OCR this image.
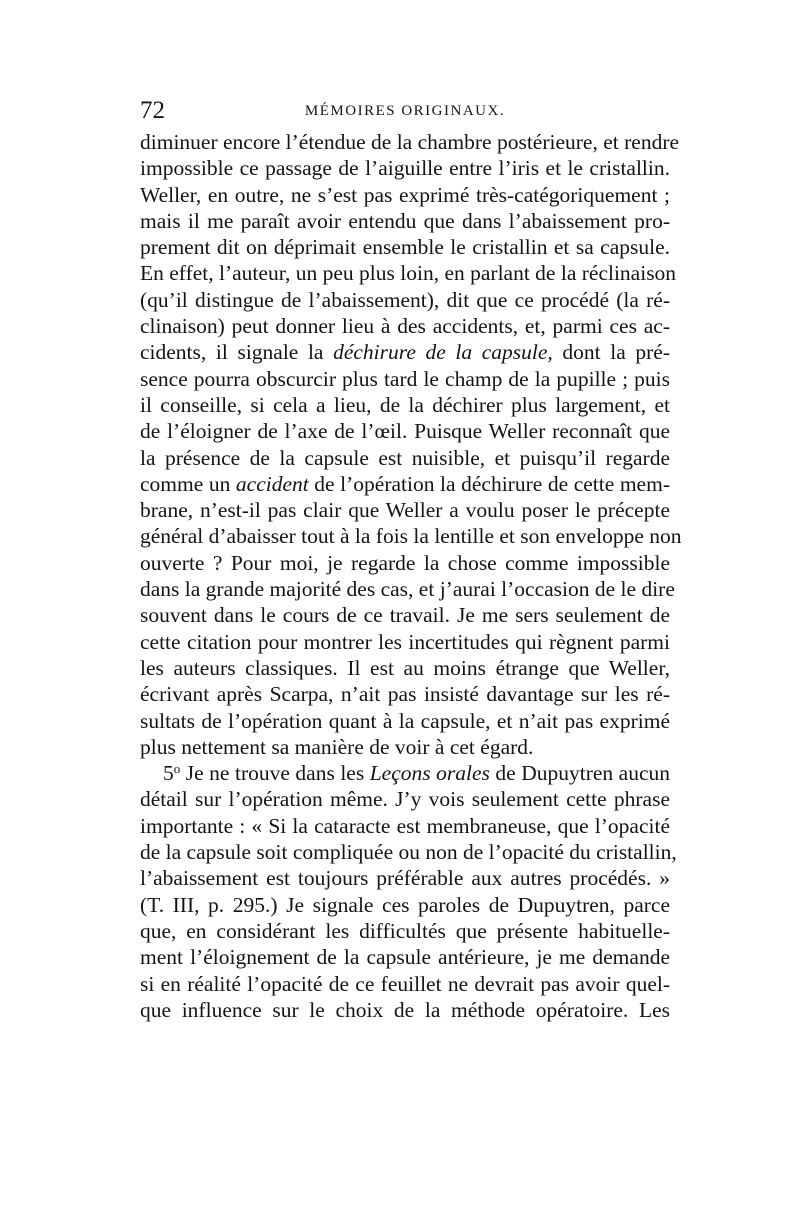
72	MÉMOIRES ORIGINAUX.
diminuer encore l’étendue de la chambre postérieure, et rendre
impossible ce passage de l’aiguille entre l’iris et le cristallin.
Weller, en outre, ne s’est pas exprimé très-catégoriquement ;
mais il me paraît avoir entendu que dans l’abaissement pro-
prement dit on déprimait ensemble le cristallin et sa capsule.
En effet, l’auteur, un peu plus loin, en parlant de la réclinaison
(qu’il distingue de l’abaissement), dit que ce procédé (la ré-
clinaison) peut donner lieu à des accidents, et, parmi ces ac-
cidents, il signale la déchirure de la capsule, dont la pré-
sence pourra obscurcir plus tard le champ de la pupille ; puis
il conseille, si cela a lieu, de la déchirer plus largement, et
de l’éloigner de l’axe de l’œil. Puisque Weller reconnaît que
la présence de la capsule est nuisible, et puisqu’il regarde
comme un accident de l’opération la déchirure de cette mem-
brane, n’est-il pas clair que Weller a voulu poser le précepte
général d’abaisser tout à la fois la lentille et son enveloppe non
ouverte ? Pour moi, je regarde la chose comme impossible
dans la grande majorité des cas, et j’aurai l’occasion de le dire
souvent dans le cours de ce travail. Je me sers seulement de
cette citation pour montrer les incertitudes qui règnent parmi
les auteurs classiques. Il est au moins étrange que Weller,
écrivant après Scarpa, n’ait pas insisté davantage sur les ré-
sultats de l’opération quant à la capsule, et n’ait pas exprimé
plus nettement sa manière de voir à cet égard.
5$^o$ Je ne trouve dans les Leçons orales de Dupuytren aucun
détail sur l’opération même. J’y vois seulement cette phrase
importante : « Si la cataracte est membraneuse, que l’opacité
de la capsule soit compliquée ou non de l’opacité du cristallin,
l’abaissement est toujours préférable aux autres procédés. »
(T. III, p. 295.) Je signale ces paroles de Dupuytren, parce
que, en considérant les difficultés que présente habituelle-
ment l’éloignement de la capsule antérieure, je me demande
si en réalité l’opacité de ce feuillet ne devrait pas avoir quel-
que influence sur le choix de la méthode opératoire. Les
